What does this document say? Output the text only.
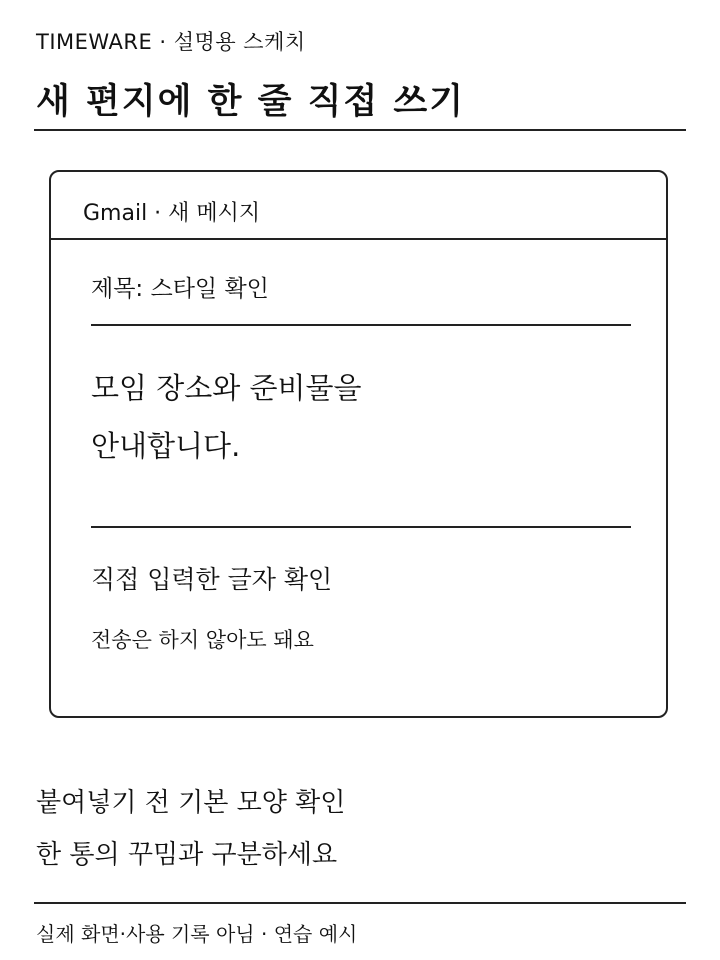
TIMEWARE · 설명용 스케치
새 편지에 한 줄 직접 쓰기
Gmail · 새 메시지
제목: 스타일 확인
모임 장소와 준비물을
안내합니다.
직접 입력한 글자 확인
전송은 하지 않아도 돼요
붙여넣기 전 기본 모양 확인
한 통의 꾸밈과 구분하세요
실제 화면·사용 기록 아님 · 연습 예시
